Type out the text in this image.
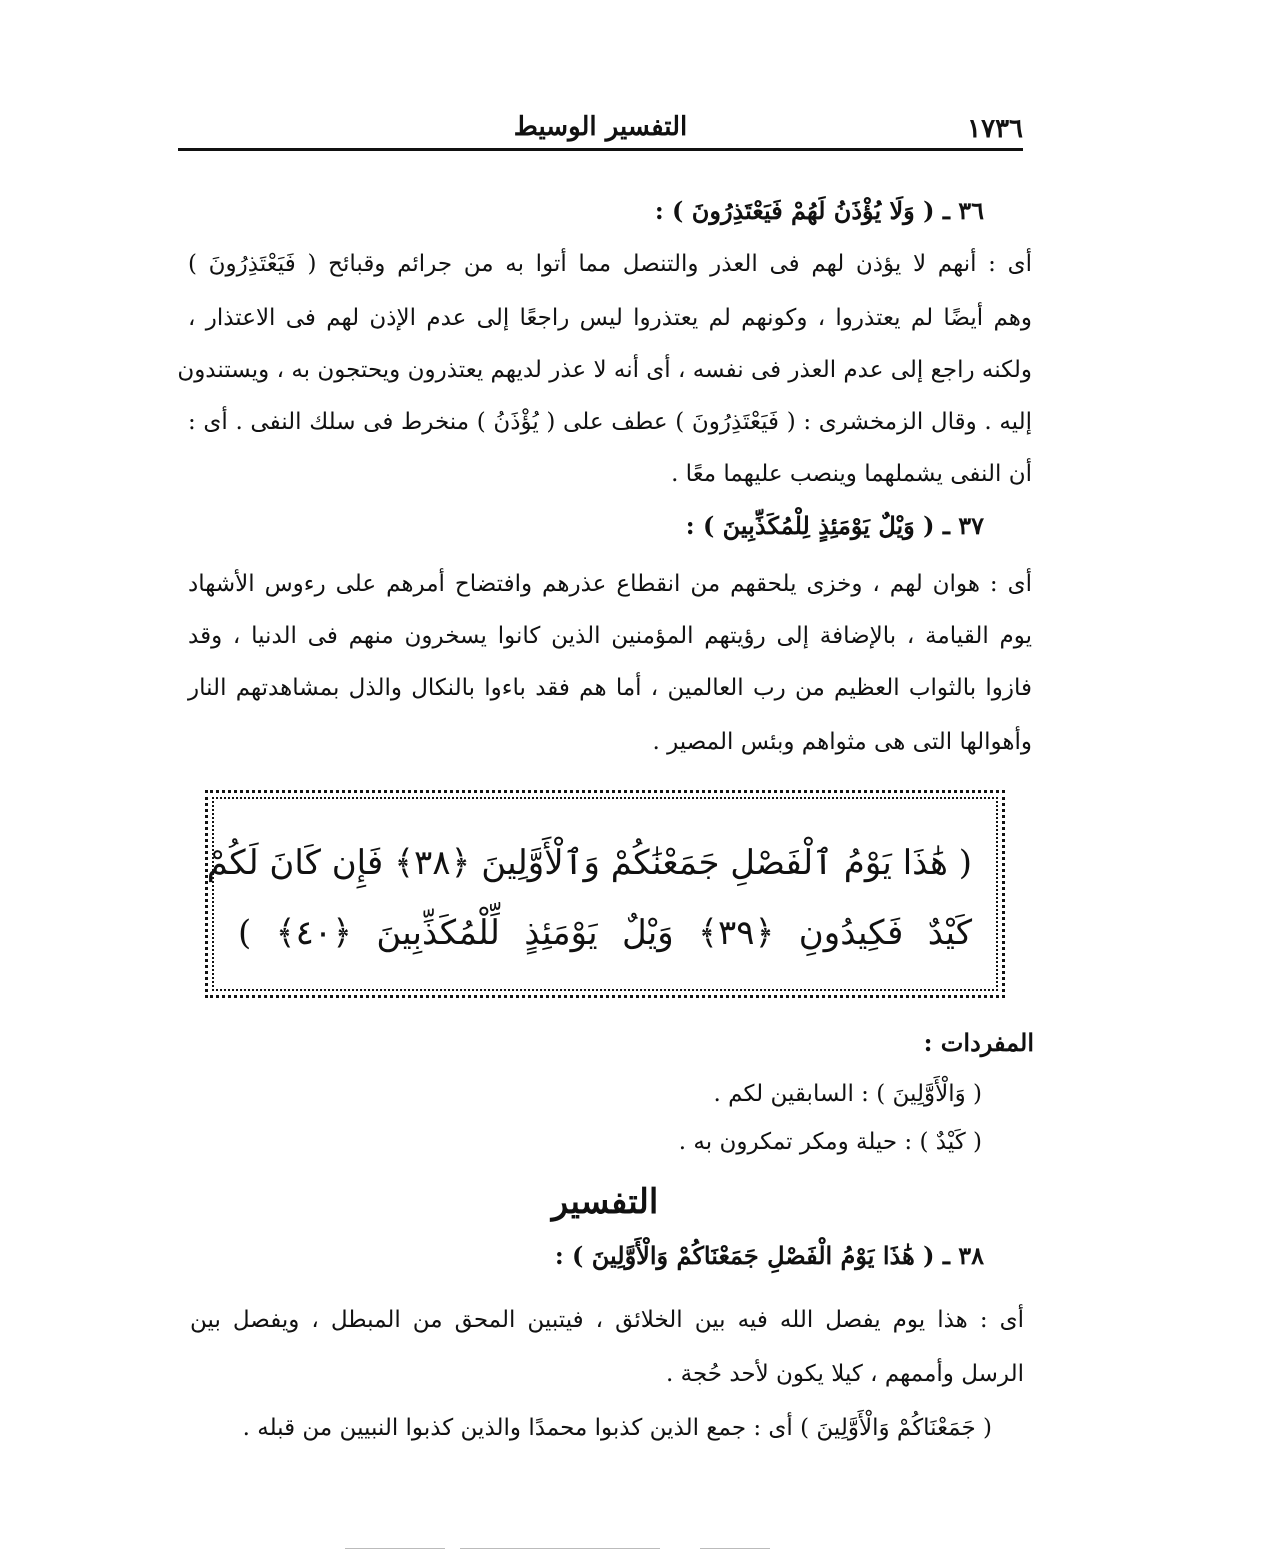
١٧٣٦
التفسير الوسيط
٣٦ ـ ( وَلَا يُؤْذَنُ لَهُمْ فَيَعْتَذِرُونَ ) :
أى : أنهم لا يؤذن لهم فى العذر والتنصل مما أتوا به من جرائم وقبائح ( فَيَعْتَذِرُونَ )
وهم أيضًا لم يعتذروا ، وكونهم لم يعتذروا ليس راجعًا إلى عدم الإذن لهم فى الاعتذار ،
ولكنه راجع إلى عدم العذر فى نفسه ، أى أنه لا عذر لديهم يعتذرون ويحتجون به ، ويستندون
إليه . وقال الزمخشرى : ( فَيَعْتَذِرُونَ ) عطف على ( يُؤْذَنُ ) منخرط فى سلك النفى . أى :
أن النفى يشملهما وينصب عليهما معًا .
٣٧ ـ ( وَيْلٌ يَوْمَئِذٍ لِلْمُكَذِّبِينَ ) :
أى : هوان لهم ، وخزى يلحقهم من انقطاع عذرهم وافتضاح أمرهم على رءوس الأشهاد
يوم القيامة ، بالإضافة إلى رؤيتهم المؤمنين الذين كانوا يسخرون منهم فى الدنيا ، وقد
فازوا بالثواب العظيم من رب العالمين ، أما هم فقد باءوا بالنكال والذل بمشاهدتهم النار
وأهوالها التى هى مثواهم وبئس المصير .
( هَٰذَا يَوْمُ ٱلْفَصْلِ جَمَعْنَٰكُمْ وَٱلْأَوَّلِينَ ﴿٣٨﴾ فَإِن كَانَ لَكُمْ
كَيْدٌ فَكِيدُونِ ﴿٣٩﴾ وَيْلٌ يَوْمَئِذٍ لِّلْمُكَذِّبِينَ ﴿٤٠﴾ )
المفردات :
( وَالْأَوَّلِينَ ) : السابقين لكم .
( كَيْدٌ ) : حيلة ومكر تمكرون به .
التفسير
٣٨ ـ ( هَٰذَا يَوْمُ الْفَصْلِ جَمَعْنَاكُمْ وَالْأَوَّلِينَ ) :
أى : هذا يوم يفصل الله فيه بين الخلائق ، فيتبين المحق من المبطل ، ويفصل بين
الرسل وأممهم ، كيلا يكون لأحد حُجة .
( جَمَعْنَاكُمْ وَالْأَوَّلِينَ ) أى : جمع الذين كذبوا محمدًا والذين كذبوا النبيين من قبله .
